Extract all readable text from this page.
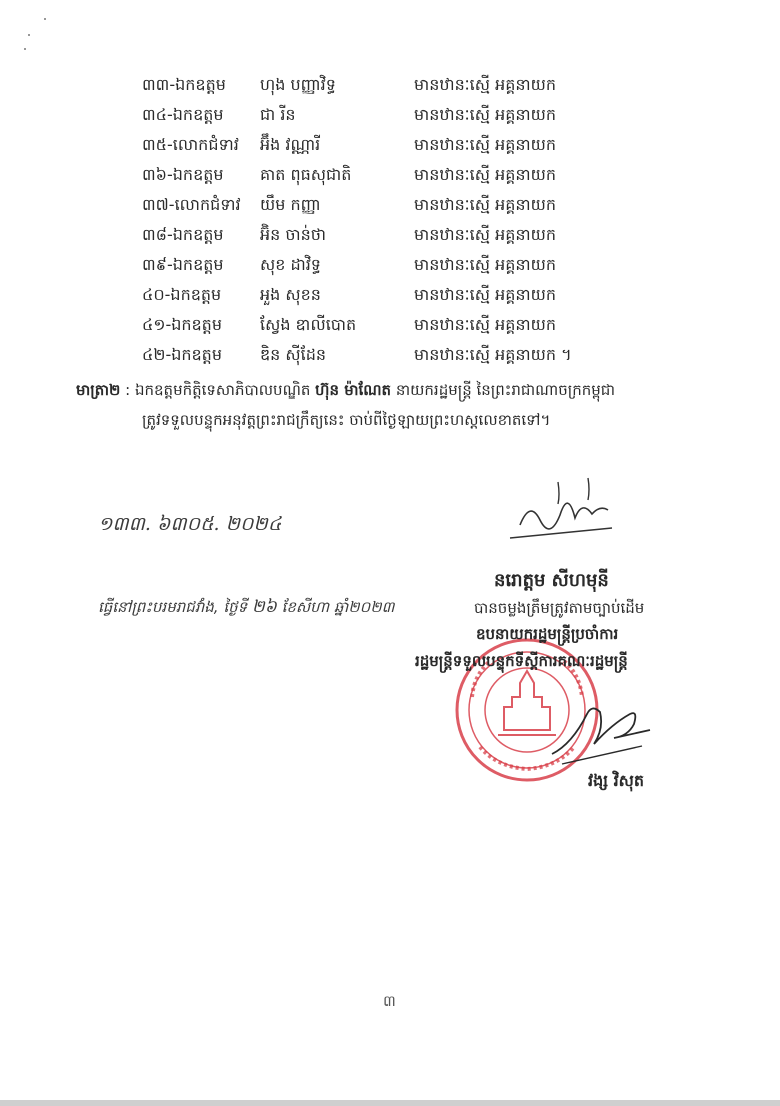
៣៣-ឯកឧត្តម ហុង បញ្ញាវិទ្ធ	មានឋានៈស្មើ អគ្គនាយក
៣៤-ឯកឧត្តម ជា រីន	មានឋានៈស្មើ អគ្គនាយក
៣៥-លោកជំទាវ អ៊ឹង វណ្ណារី	មានឋានៈស្មើ អគ្គនាយក
៣៦-ឯកឧត្តម គាត ពុធសុជាតិ	មានឋានៈស្មើ អគ្គនាយក
៣៧-លោកជំទាវ យឹម កញ្ញា	មានឋានៈស្មើ អគ្គនាយក
៣៨-ឯកឧត្តម អ៊ិន ចាន់ថា	មានឋានៈស្មើ អគ្គនាយក
៣៩-ឯកឧត្តម សុខ ដាវិទ្ធ	មានឋានៈស្មើ អគ្គនាយក
៤០-ឯកឧត្តម អួង សុខន	មានឋានៈស្មើ អគ្គនាយក
៤១-ឯកឧត្តម ស្វែង ឧាលីបោត	មានឋានៈស្មើ អគ្គនាយក
៤២-ឯកឧត្តម ឌិន ស៊ីដែន	មានឋានៈស្មើ អគ្គនាយក ។
មាត្រា២ : ឯកឧត្តមកិត្តិទេសាភិបាលបណ្ឌិត ហ៊ុន ម៉ាណែត នាយករដ្ឋមន្ត្រី នៃព្រះរាជាណាចក្រកម្ពុជា
ត្រូវទទួលបន្ទុកអនុវត្តព្រះរាជក្រឹត្យនេះ ចាប់ពីថ្ងៃឡាយព្រះហស្តលេខាតទៅ។
១៣៣. ៦៣០៥. ២០២៤
ធ្វើនៅព្រះបរមរាជវាំង, ថ្ងៃទី ២៦ ខែសីហា ឆ្នាំ២០២៣
នរោត្តម សីហមុនី
បានចម្លងត្រឹមត្រូវតាមច្បាប់ដើម
ឧបនាយករដ្ឋមន្ត្រីប្រចាំការ
រដ្ឋមន្ត្រីទទួលបន្ទុកទីស្តីការគណៈរដ្ឋមន្ត្រី
វង្ស វិសុត
៣
